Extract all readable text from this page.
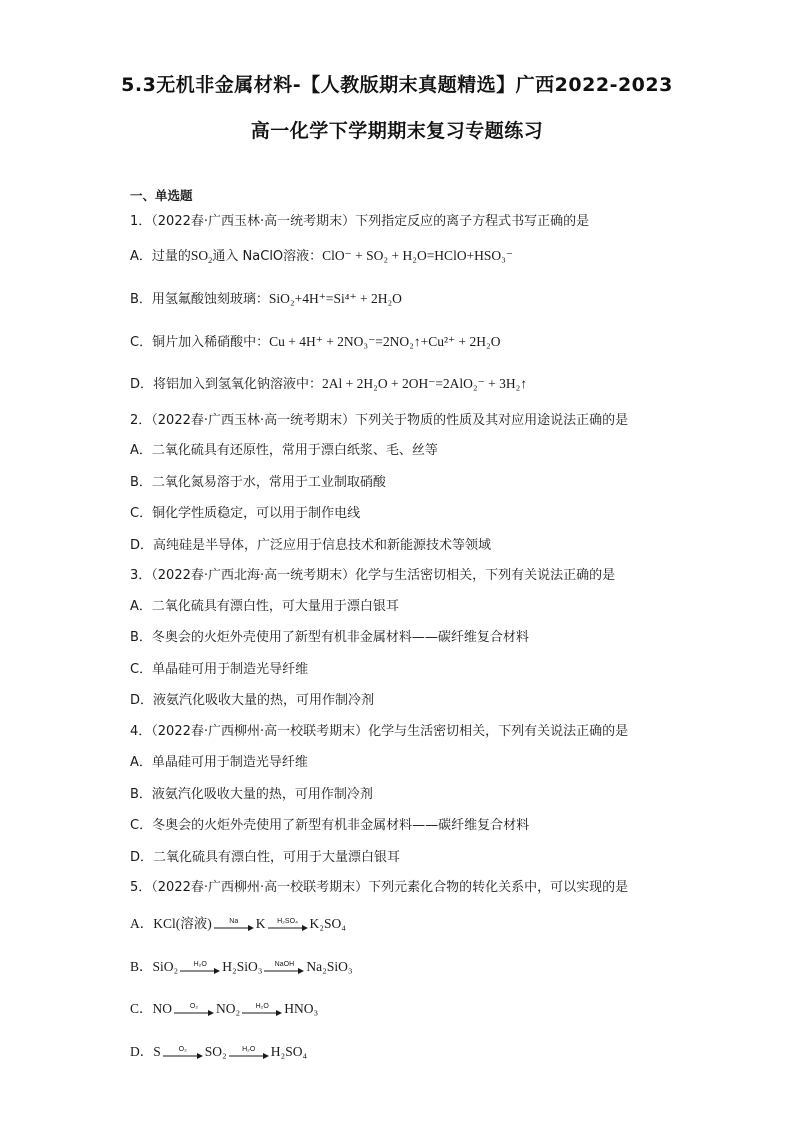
5.3无机非金属材料-【人教版期末真题精选】广西2022-2023
高一化学下学期期末复习专题练习
一、单选题
1．（2022春·广西玉林·高一统考期末）下列指定反应的离子方程式书写正确的是
A．过量的$SO_2$通入 NaClO溶液：ClO⁻ + SO₂ + H₂O=HClO+HSO₃⁻
B．用氢氟酸蚀刻玻璃：SiO₂+4H⁺=Si⁴⁺ + 2H₂O
C．铜片加入稀硝酸中：Cu + 4H⁺ + 2NO₃⁻=2NO₂↑+Cu²⁺ + 2H₂O
D．将铝加入到氢氧化钠溶液中：2Al + 2H₂O + 2OH⁻=2AlO₂⁻ + 3H₂↑
2．（2022春·广西玉林·高一统考期末）下列关于物质的性质及其对应用途说法正确的是
A．二氧化硫具有还原性，常用于漂白纸浆、毛、丝等
B．二氧化氮易溶于水，常用于工业制取硝酸
C．铜化学性质稳定，可以用于制作电线
D．高纯硅是半导体，广泛应用于信息技术和新能源技术等领域
3．（2022春·广西北海·高一统考期末）化学与生活密切相关，下列有关说法正确的是
A．二氧化硫具有漂白性，可大量用于漂白银耳
B．冬奥会的火炬外壳使用了新型有机非金属材料——碳纤维复合材料
C．单晶硅可用于制造光导纤维
D．液氨汽化吸收大量的热，可用作制冷剂
4．（2022春·广西柳州·高一校联考期末）化学与生活密切相关，下列有关说法正确的是
A．单晶硅可用于制造光导纤维
B．液氨汽化吸收大量的热，可用作制冷剂
C．冬奥会的火炬外壳使用了新型有机非金属材料——碳纤维复合材料
D．二氧化硫具有漂白性，可用于大量漂白银耳
5．（2022春·广西柳州·高一校联考期末）下列元素化合物的转化关系中，可以实现的是
A．KCl(溶液)	Na	K	H₂SO₄ K₂SO₄
B．SiO₂	H₂O	H₂SiO₃	NaOH Na₂SiO₃
C．NO	O₂	NO₂	H₂O	HNO₃
D．S	O₂	SO₂	H₂O	H₂SO₄
